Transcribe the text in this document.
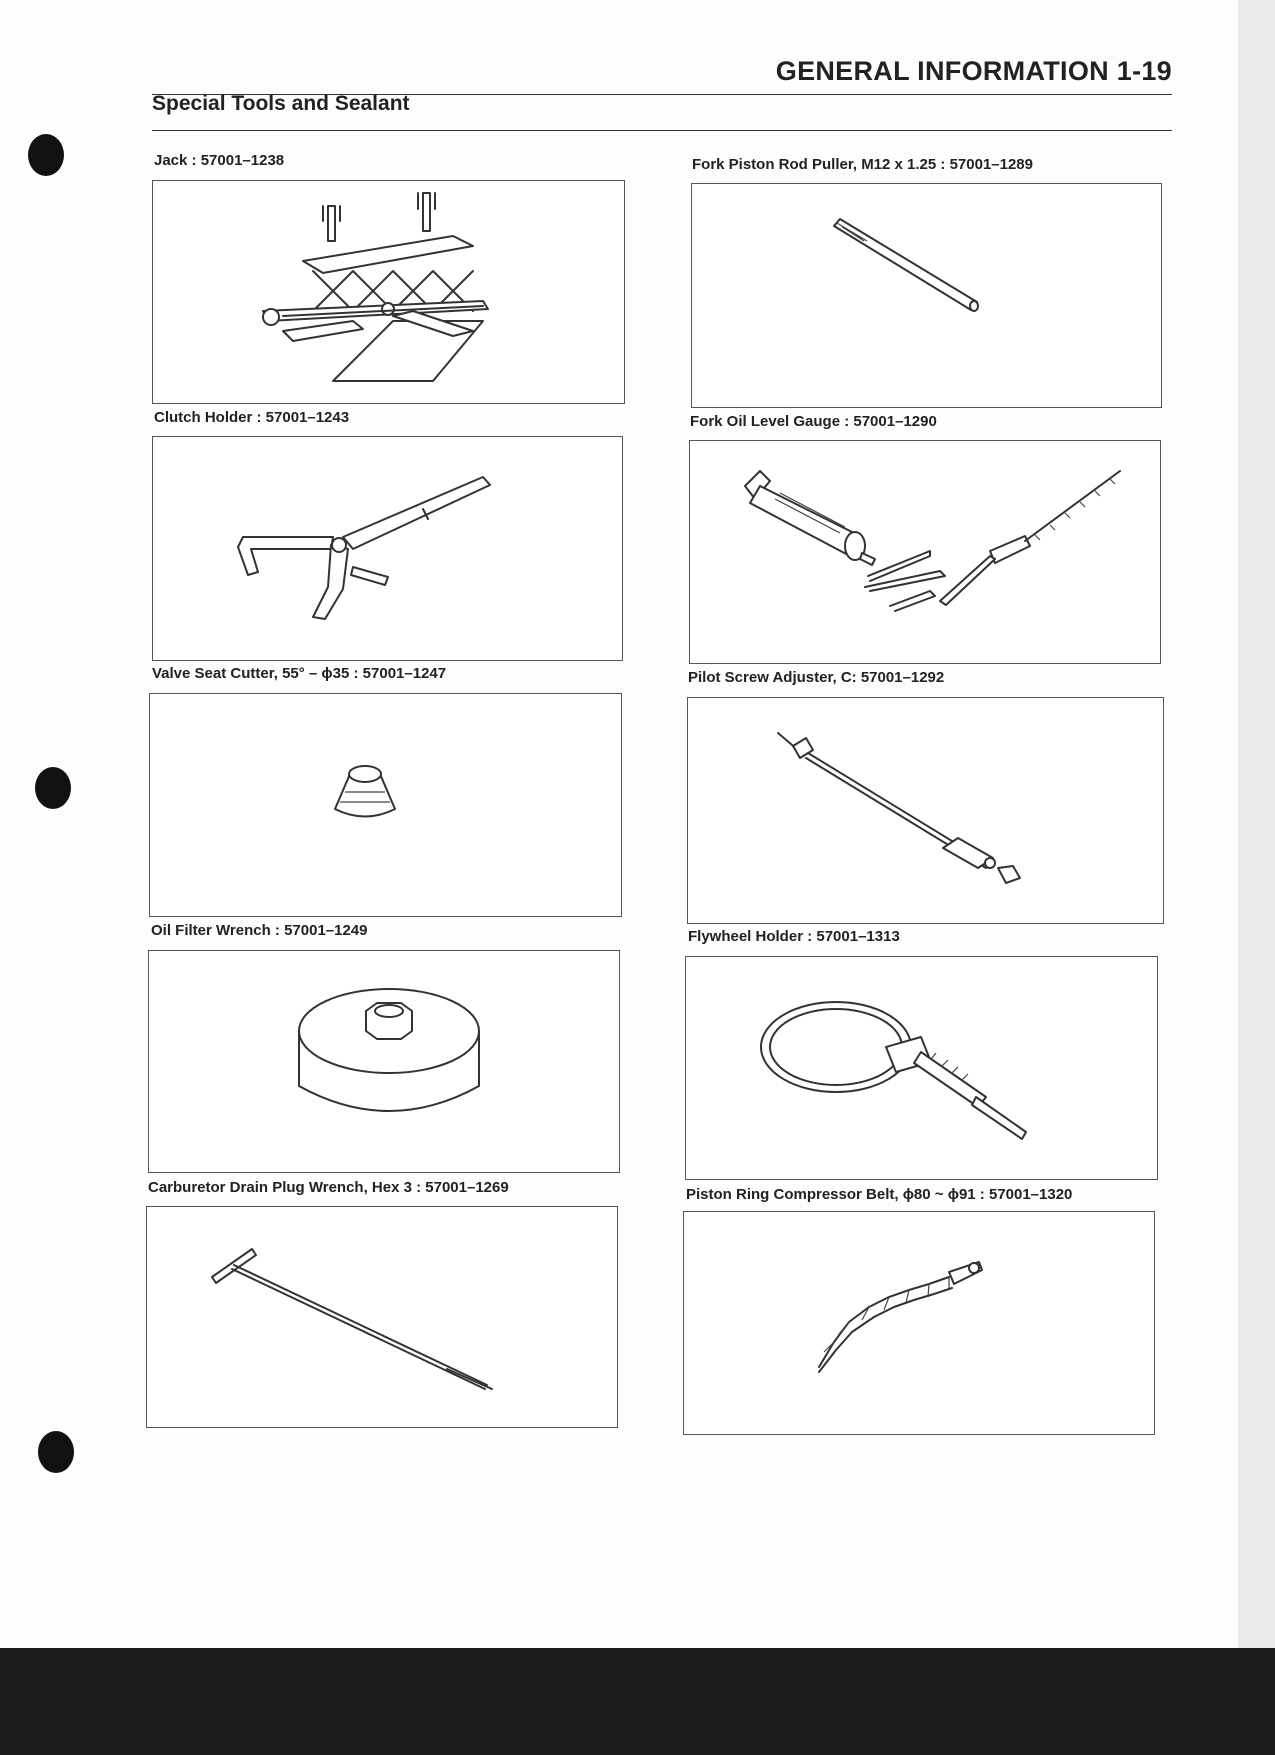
GENERAL INFORMATION 1-19
Special Tools and Sealant
Jack : 57001–1238	Fork Piston Rod Puller, M12 x 1.25 : 57001–1289
Clutch Holder : 57001–1243	Fork Oil Level Gauge : 57001–1290
Valve Seat Cutter, 55° – ϕ35 : 57001–1247	Pilot Screw Adjuster, C: 57001–1292
Oil Filter Wrench : 57001–1249	Flywheel Holder : 57001–1313
Carburetor Drain Plug Wrench, Hex 3 : 57001–1269	Piston Ring Compressor Belt, ϕ80 ~ ϕ91 : 57001–1320
